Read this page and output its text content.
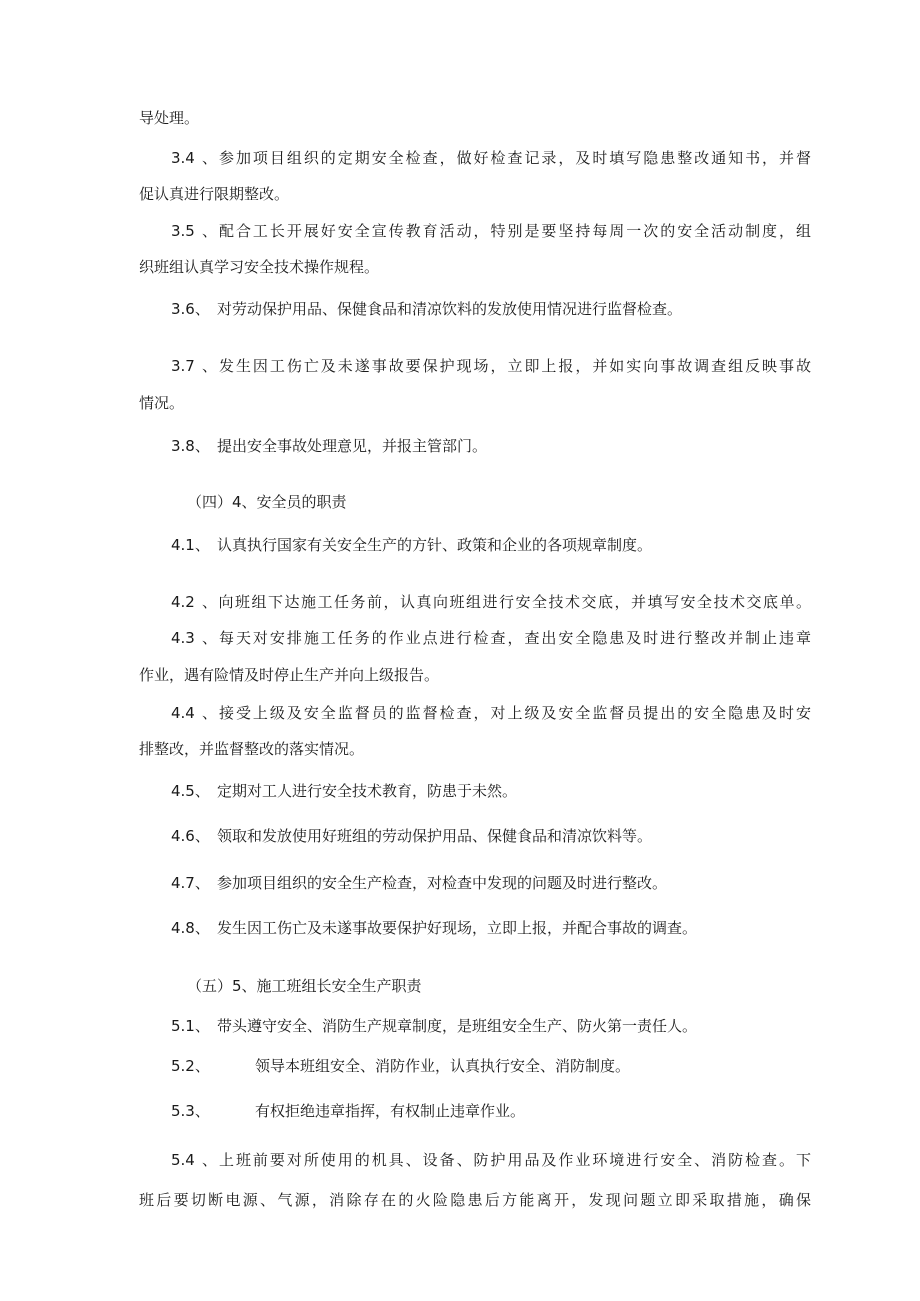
导处理。
3.4、参加项目组织的定期安全检查，做好检查记录，及时填写隐患整改通知书，并督
促认真进行限期整改。
3.5、配合工长开展好安全宣传教育活动，特别是要坚持每周一次的安全活动制度，组
织班组认真学习安全技术操作规程。
3.6、 对劳动保护用品、保健食品和清凉饮料的发放使用情况进行监督检查。
3.7、发生因工伤亡及未遂事故要保护现场，立即上报，并如实向事故调查组反映事故
情况。
3.8、 提出安全事故处理意见，并报主管部门。
（四）4、安全员的职责
4.1、 认真执行国家有关安全生产的方针、政策和企业的各项规章制度。
4.2、向班组下达施工任务前，认真向班组进行安全技术交底，并填写安全技术交底单。
4.3、每天对安排施工任务的作业点进行检查，查出安全隐患及时进行整改并制止违章
作业，遇有险情及时停止生产并向上级报告。
4.4、接受上级及安全监督员的监督检查，对上级及安全监督员提出的安全隐患及时安
排整改，并监督整改的落实情况。
4.5、 定期对工人进行安全技术教育，防患于未然。
4.6、 领取和发放使用好班组的劳动保护用品、保健食品和清凉饮料等。
4.7、 参加项目组织的安全生产检查，对检查中发现的问题及时进行整改。
4.8、 发生因工伤亡及未遂事故要保护好现场，立即上报，并配合事故的调查。
（五）5、施工班组长安全生产职责
5.1、 带头遵守安全、消防生产规章制度，是班组安全生产、防火第一责任人。
5.2、	领导本班组安全、消防作业，认真执行安全、消防制度。
5.3、	有权拒绝违章指挥，有权制止违章作业。
5.4、上班前要对所使用的机具、设备、防护用品及作业环境进行安全、消防检查。下
班后要切断电源、气源，消除存在的火险隐患后方能离开，发现问题立即采取措施，确保
